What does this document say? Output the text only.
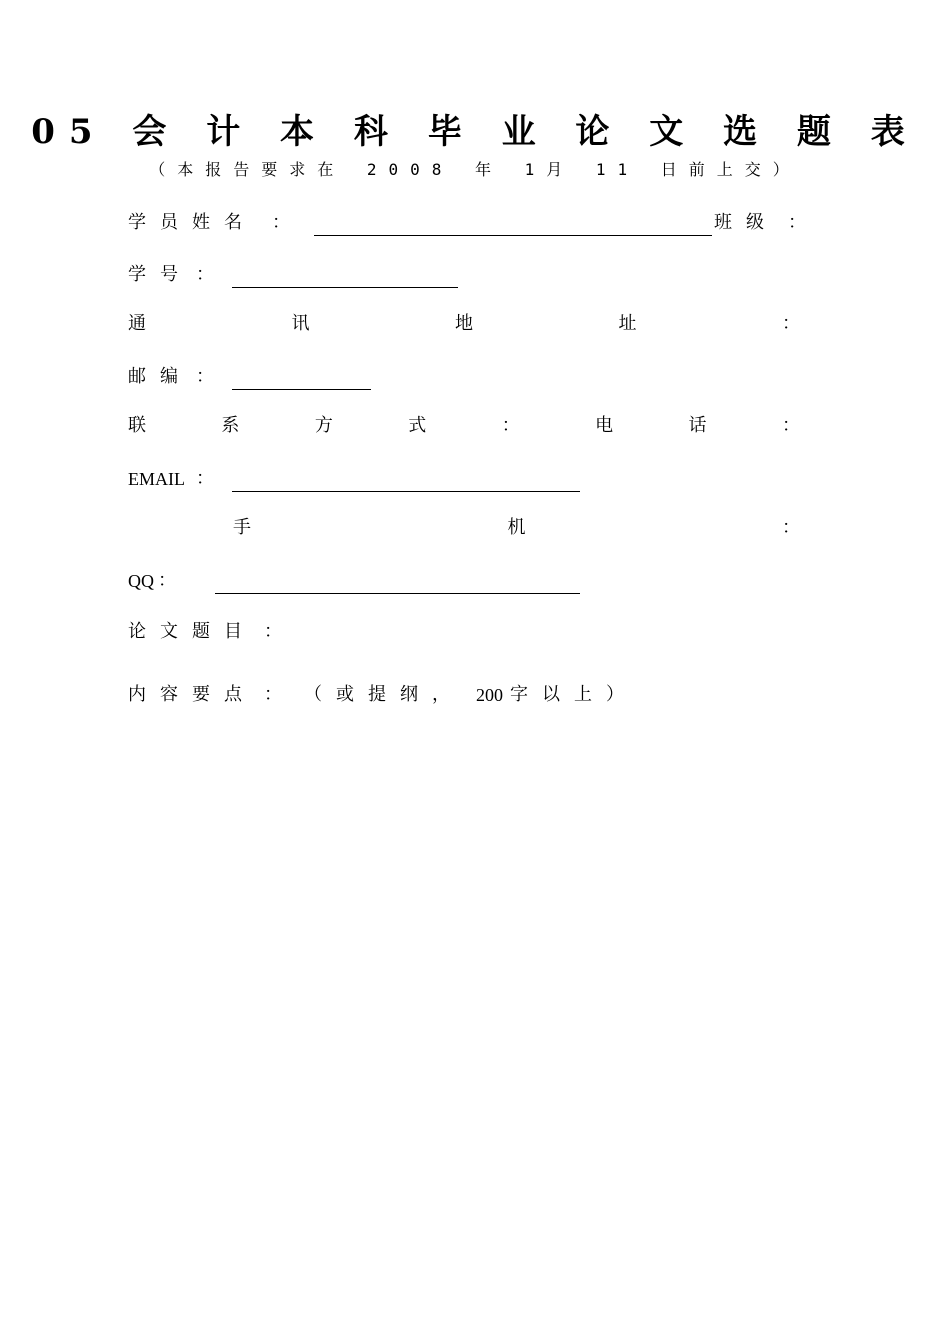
05 会 计 本 科 毕 业 论 文 选 题 表
（本报告要求在 2008 年 1月 11 日前上交）
学员姓名 ：	班级 ：
学号 ：
通	讯	地	址	：
邮编 ：
联	系	方	式	：	电	话	：
EMAIL ：
手	机	：
QQ ：
论文题目 ：
内容要点 ： （或提纲， 200 字以上）
